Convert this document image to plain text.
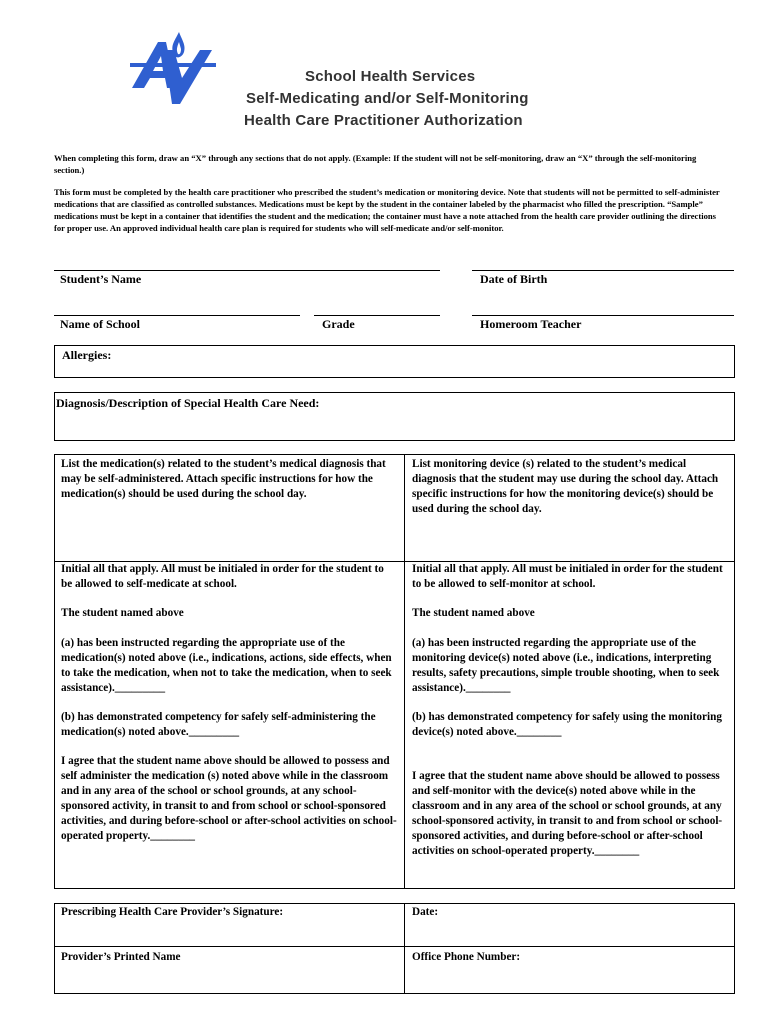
School Health Services
Self-Medicating and/or Self-Monitoring
Health Care Practitioner Authorization
When completing this form, draw an “X” through any sections that do not apply. (Example: If the student will not be self-monitoring, draw an “X” through the self-monitoring section.)
This form must be completed by the health care practitioner who prescribed the student’s medication or monitoring device. Note that students will not be permitted to self-administer medications that are classified as controlled substances. Medications must be kept by the student in the container labeled by the pharmacist who filled the prescription. “Sample” medications must be kept in a container that identifies the student and the medication; the container must have a note attached from the health care provider outlining the directions for proper use. An approved individual health care plan is required for students who will self-medicate and/or self-monitor.
Student’s Name	Date of Birth
Name of School	Grade	Homeroom Teacher
Allergies:
Diagnosis/Description of Special Health Care Need:
List the medication(s) related to the student’s medical diagnosis that may be self-administered. Attach specific instructions for how the medication(s) should be used during the school day.
List monitoring device (s) related to the student’s medical diagnosis that the student may use during the school day. Attach specific instructions for how the monitoring device(s) should be used during the school day.
Initial all that apply. All must be initialed in order for the student to be allowed to self-medicate at school.
The student named above
(a) has been instructed regarding the appropriate use of the medication(s) noted above (i.e., indications, actions, side effects, when to take the medication, when not to take the medication, when to seek assistance)._________
(b) has demonstrated competency for safely self-administering the medication(s) noted above._________
I agree that the student name above should be allowed to possess and self administer the medication (s) noted above while in the classroom and in any area of the school or school grounds, at any school-sponsored activity, in transit to and from school or school-sponsored activities, and during before-school or after-school activities on school-operated property.________
Initial all that apply. All must be initialed in order for the student to be allowed to self-monitor at school.
The student named above
(a) has been instructed regarding the appropriate use of the monitoring device(s) noted above (i.e., indications, interpreting results, safety precautions, simple trouble shooting, when to seek assistance).________
(b) has demonstrated competency for safely using the monitoring device(s) noted above.________
I agree that the student name above should be allowed to possess and self-monitor with the device(s) noted above while in the classroom and in any area of the school or school grounds, at any school-sponsored activity, in transit to and from school or school-sponsored activities, and during before-school or after-school activities on school-operated property.________
Prescribing Health Care Provider’s Signature:	Date:
Provider’s Printed Name	Office Phone Number:
